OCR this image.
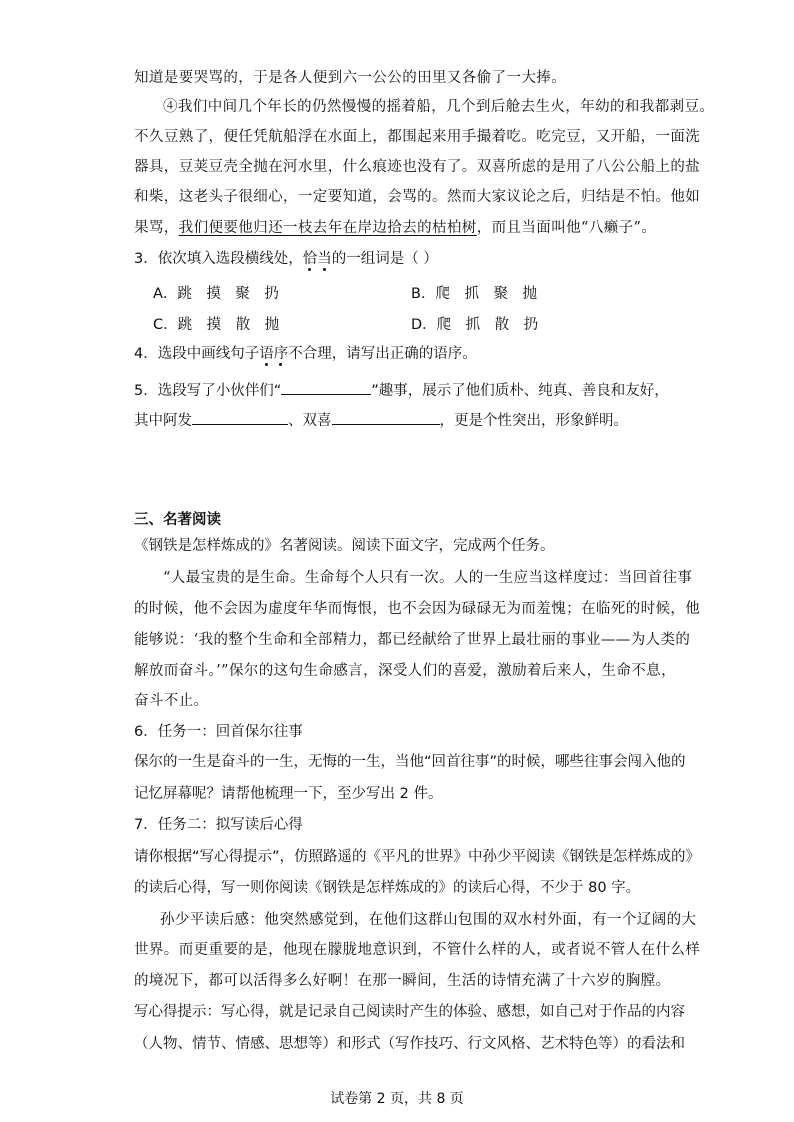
知道是要哭骂的，于是各人便到六一公公的田里又各偷了一大捧。
④我们中间几个年长的仍然慢慢的摇着船，几个到后舱去生火，年幼的和我都剥豆。
不久豆熟了，便任凭航船浮在水面上，都围起来用手撮着吃。吃完豆，又开船，一面洗
器具，豆荚豆壳全抛在河水里，什么痕迹也没有了。双喜所虑的是用了八公公船上的盐
和柴，这老头子很细心，一定要知道，会骂的。然而大家议论之后，归结是不怕。他如
果骂，我们便要他归还一枝去年在岸边拾去的枯柏树，而且当面叫他“八癞子”。
3．依次填入选段横线处，恰当的一组词是（ ）
A．跳　摸　聚　扔	B．爬　抓　聚　抛
C．跳　摸　散　抛	D．爬　抓　散　扔
4．选段中画线句子语序不合理，请写出正确的语序。
5．选段写了小伙伴们“	”趣事，展示了他们质朴、纯真、善良和友好，
其中阿发	、双喜	，更是个性突出，形象鲜明。
三、名著阅读
《钢铁是怎样炼成的》名著阅读。阅读下面文字，完成两个任务。
“人最宝贵的是生命。生命每个人只有一次。人的一生应当这样度过：当回首往事
的时候，他不会因为虚度年华而悔恨，也不会因为碌碌无为而羞愧；在临死的时候，他
能够说：‘我的整个生命和全部精力，都已经献给了世界上最壮丽的事业——为人类的
解放而奋斗。’”保尔的这句生命感言，深受人们的喜爱，激励着后来人，生命不息，
奋斗不止。
6．任务一：回首保尔往事
保尔的一生是奋斗的一生，无悔的一生，当他“回首往事”的时候，哪些往事会闯入他的
记忆屏幕呢？请帮他梳理一下，至少写出 2 件。
7．任务二：拟写读后心得
请你根据“写心得提示”，仿照路遥的《平凡的世界》中孙少平阅读《钢铁是怎样炼成的》
的读后心得，写一则你阅读《钢铁是怎样炼成的》的读后心得，不少于 80 字。
孙少平读后感：他突然感觉到，在他们这群山包围的双水村外面，有一个辽阔的大
世界。而更重要的是，他现在朦胧地意识到，不管什么样的人，或者说不管人在什么样
的境况下，都可以活得多么好啊！在那一瞬间，生活的诗情充满了十六岁的胸膛。
写心得提示：写心得，就是记录自己阅读时产生的体验、感想，如自己对于作品的内容
（人物、情节、情感、思想等）和形式（写作技巧、行文风格、艺术特色等）的看法和
试卷第 2 页，共 8 页
